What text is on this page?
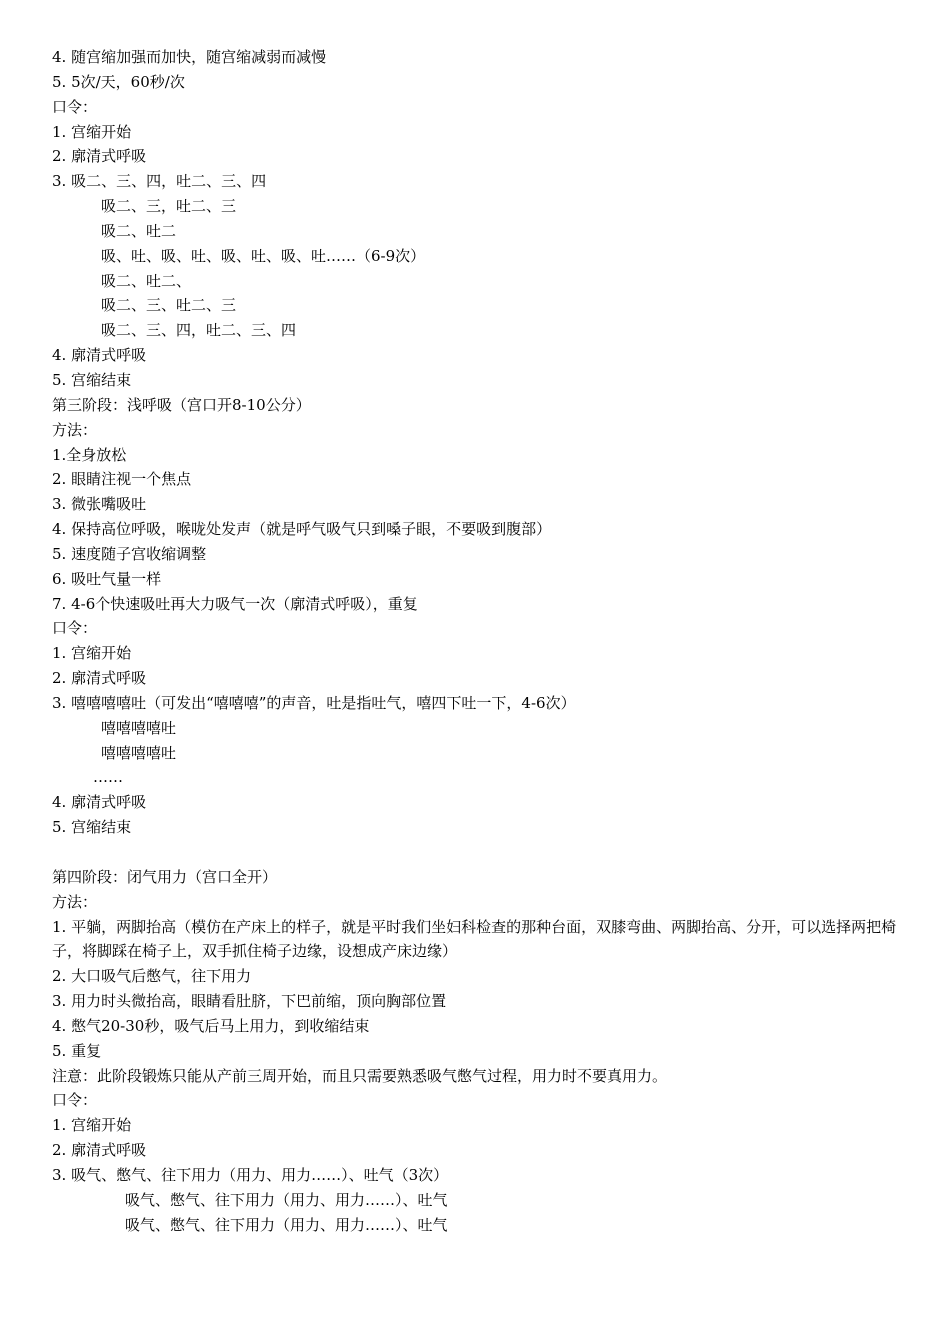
4. 随宫缩加强而加快，随宫缩减弱而减慢
5. 5次/天，60秒/次
口令：
1. 宫缩开始
2. 廓清式呼吸
3. 吸二、三、四，吐二、三、四
吸二、三，吐二、三
吸二、吐二
吸、吐、吸、吐、吸、吐、吸、吐……（6-9次）
吸二、吐二、
吸二、三、吐二、三
吸二、三、四，吐二、三、四
4. 廓清式呼吸
5. 宫缩结束
第三阶段：浅呼吸（宫口开8-10公分）
方法：
1.全身放松
2. 眼睛注视一个焦点
3. 微张嘴吸吐
4. 保持高位呼吸，喉咙处发声（就是呼气吸气只到嗓子眼，不要吸到腹部）
5. 速度随子宫收缩调整
6. 吸吐气量一样
7. 4-6个快速吸吐再大力吸气一次（廓清式呼吸），重复
口令：
1. 宫缩开始
2. 廓清式呼吸
3. 嘻嘻嘻嘻吐（可发出“嘻嘻嘻”的声音，吐是指吐气，嘻四下吐一下，4-6次）
嘻嘻嘻嘻吐
嘻嘻嘻嘻吐
……
4. 廓清式呼吸
5. 宫缩结束
第四阶段：闭气用力（宫口全开）
方法：
1. 平躺，两脚抬高（模仿在产床上的样子，就是平时我们坐妇科检查的那种台面，双膝弯曲、两脚抬高、分开，可以选择两把椅子，将脚踩在椅子上，双手抓住椅子边缘，设想成产床边缘）
2. 大口吸气后憋气，往下用力
3. 用力时头微抬高，眼睛看肚脐，下巴前缩，顶向胸部位置
4. 憋气20-30秒，吸气后马上用力，到收缩结束
5. 重复
注意：此阶段锻炼只能从产前三周开始，而且只需要熟悉吸气憋气过程，用力时不要真用力。
口令：
1. 宫缩开始
2. 廓清式呼吸
3. 吸气、憋气、往下用力（用力、用力……）、吐气（3次）
吸气、憋气、往下用力（用力、用力……）、吐气
吸气、憋气、往下用力（用力、用力……）、吐气
